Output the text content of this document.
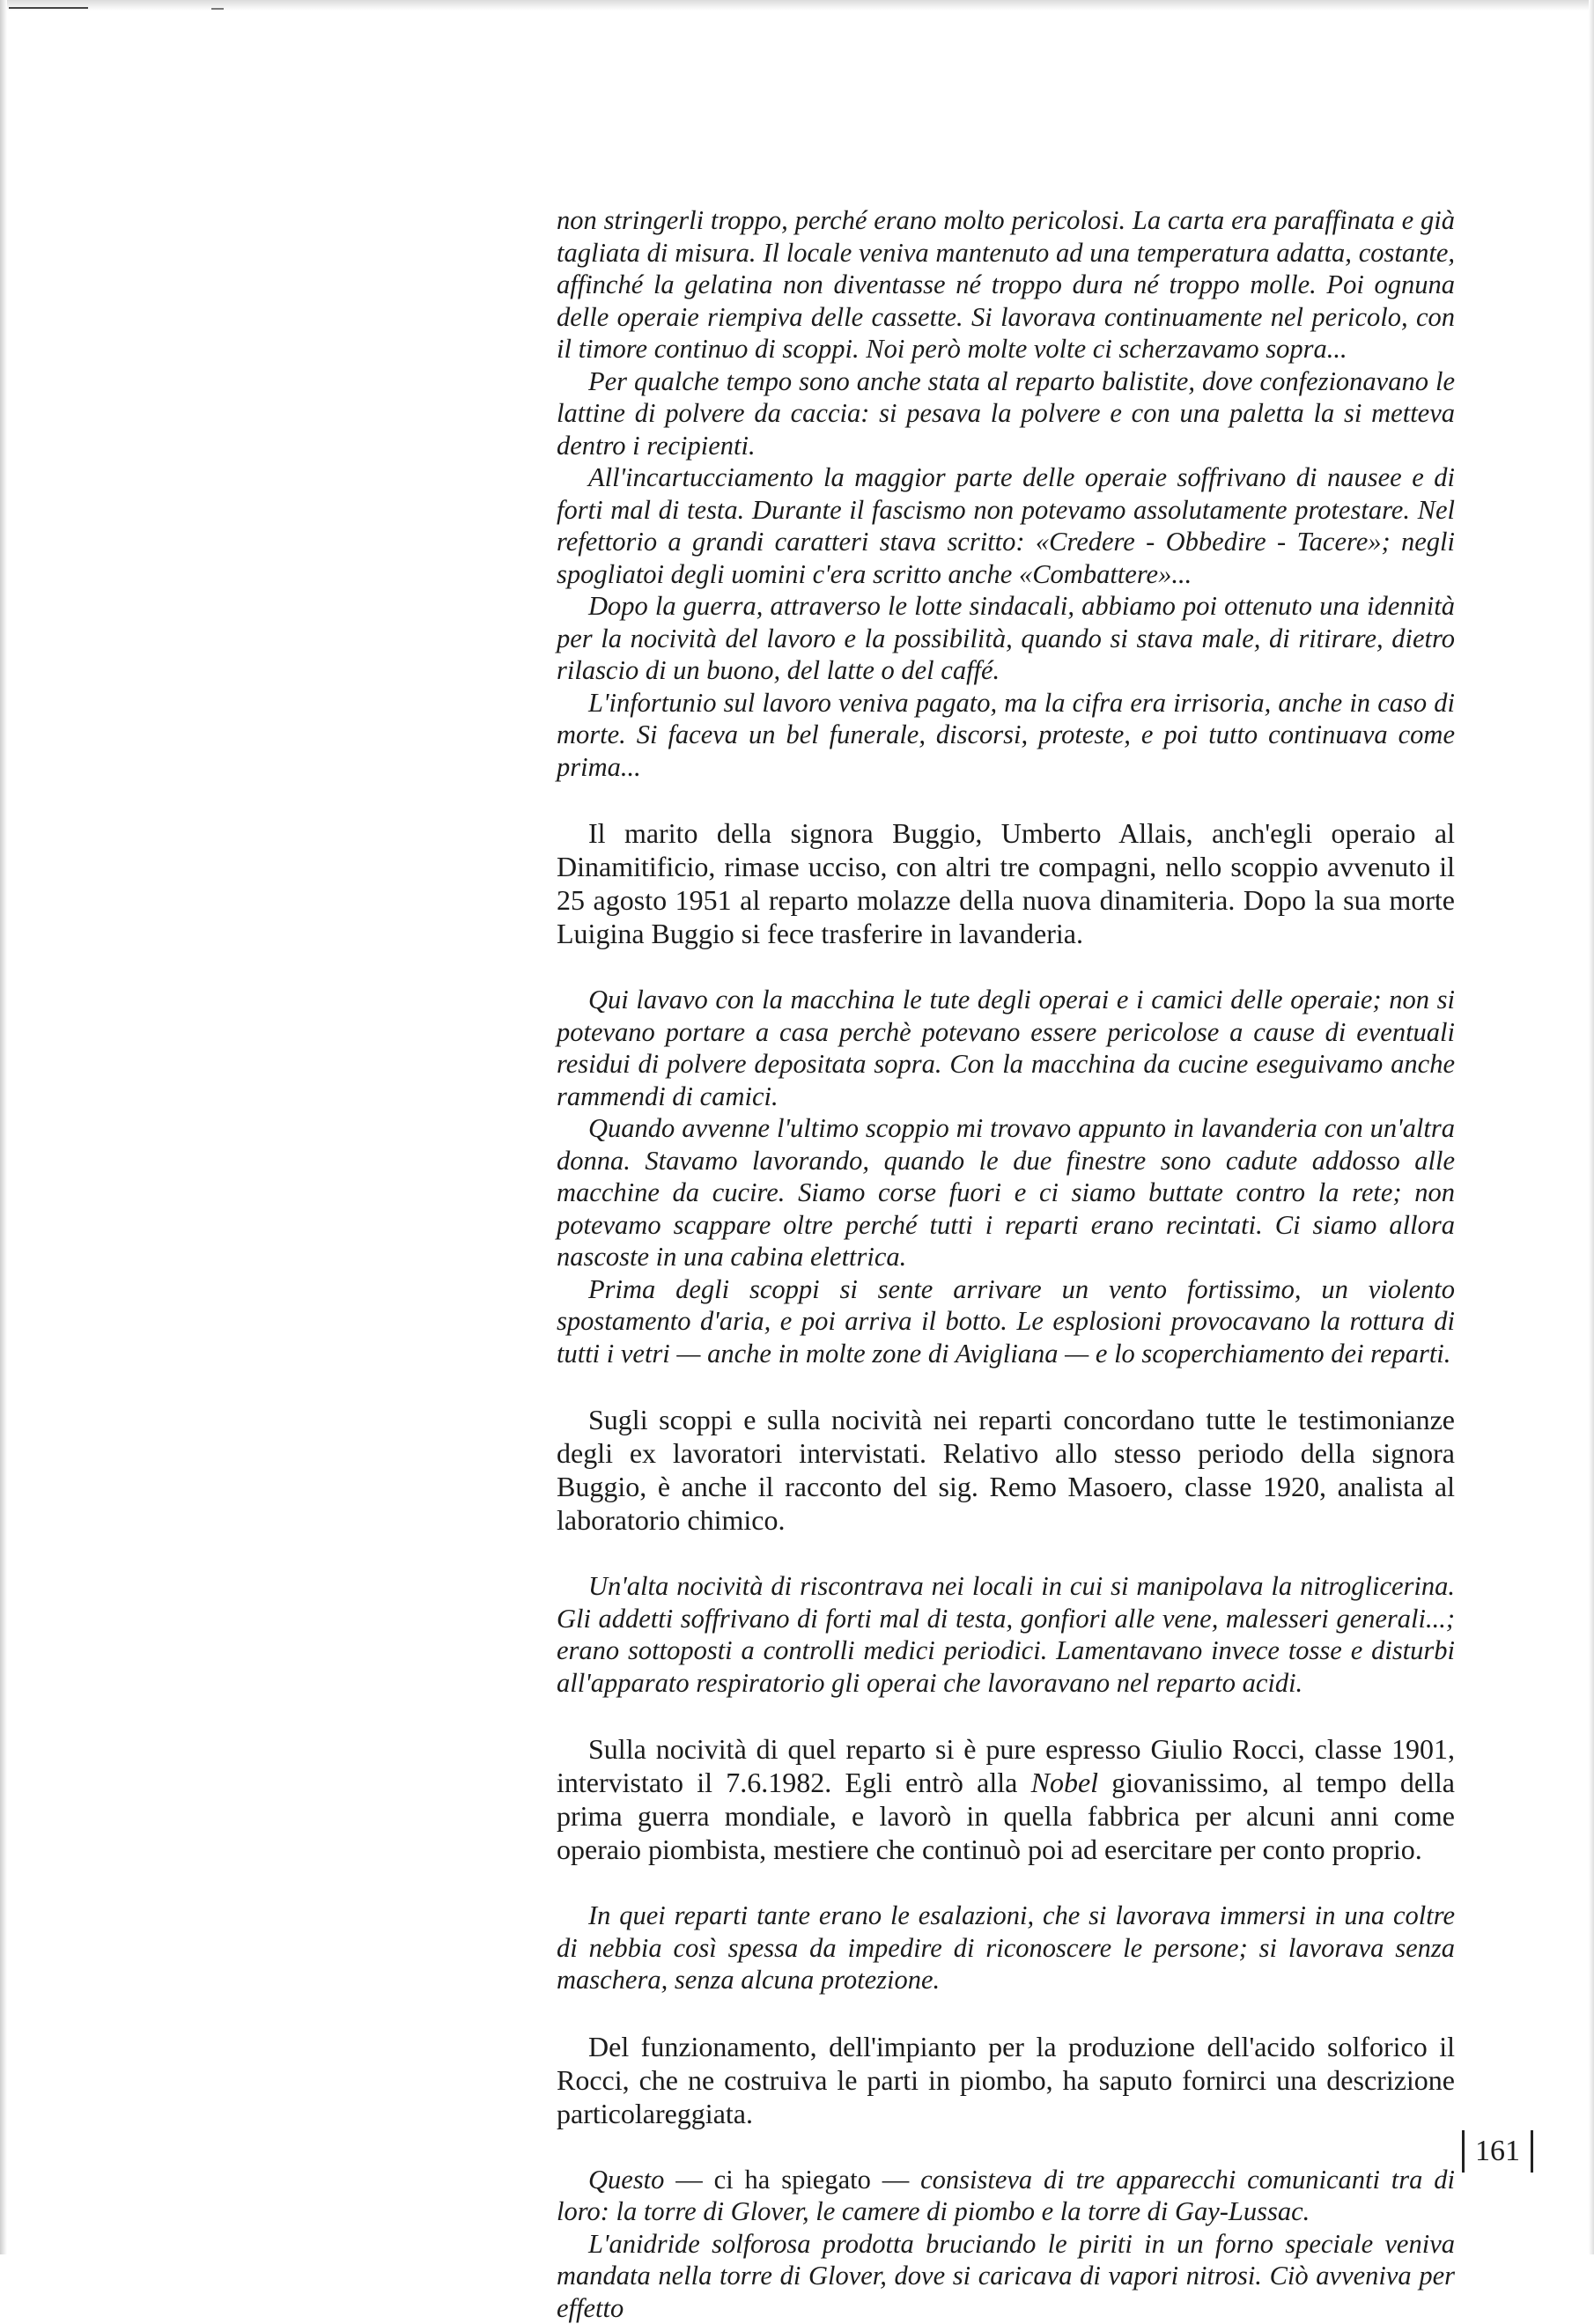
non stringerli troppo, perché erano molto pericolosi. La carta era paraffinata e già tagliata di misura. Il locale veniva mantenuto ad una temperatura adatta, costante, affinché la gelatina non diventasse né troppo dura né troppo molle. Poi ognuna delle operaie riempiva delle cassette. Si lavorava continuamente nel pericolo, con il timore continuo di scoppi. Noi però molte volte ci scherzavamo sopra...

Per qualche tempo sono anche stata al reparto balistite, dove confezionavano le lattine di polvere da caccia: si pesava la polvere e con una paletta la si metteva dentro i recipienti.

All'incartucciamento la maggior parte delle operaie soffrivano di nausee e di forti mal di testa. Durante il fascismo non potevamo assolutamente protestare. Nel refettorio a grandi caratteri stava scritto: «Credere - Obbedire - Tacere»; negli spogliatoi degli uomini c'era scritto anche «Combattere»...

Dopo la guerra, attraverso le lotte sindacali, abbiamo poi ottenuto una idennità per la nocività del lavoro e la possibilità, quando si stava male, di ritirare, dietro rilascio di un buono, del latte o del caffé.

L'infortunio sul lavoro veniva pagato, ma la cifra era irrisoria, anche in caso di morte. Si faceva un bel funerale, discorsi, proteste, e poi tutto continuava come prima...

Il marito della signora Buggio, Umberto Allais, anch'egli operaio al Dinamitificio, rimase ucciso, con altri tre compagni, nello scoppio avvenuto il 25 agosto 1951 al reparto molazze della nuova dinamiteria. Dopo la sua morte Luigina Buggio si fece trasferire in lavanderia.

Qui lavavo con la macchina le tute degli operai e i camici delle operaie; non si potevano portare a casa perchè potevano essere pericolose a cause di eventuali residui di polvere depositata sopra. Con la macchina da cucine eseguivamo anche rammendi di camici.

Quando avvenne l'ultimo scoppio mi trovavo appunto in lavanderia con un'altra donna. Stavamo lavorando, quando le due finestre sono cadute addosso alle macchine da cucire. Siamo corse fuori e ci siamo buttate contro la rete; non potevamo scappare oltre perché tutti i reparti erano recintati. Ci siamo allora nascoste in una cabina elettrica.

Prima degli scoppi si sente arrivare un vento fortissimo, un violento spostamento d'aria, e poi arriva il botto. Le esplosioni provocavano la rottura di tutti i vetri — anche in molte zone di Avigliana — e lo scoperchiamento dei reparti.

Sugli scoppi e sulla nocività nei reparti concordano tutte le testimonianze degli ex lavoratori intervistati. Relativo allo stesso periodo della signora Buggio, è anche il racconto del sig. Remo Masoero, classe 1920, analista al laboratorio chimico.

Un'alta nocività di riscontrava nei locali in cui si manipolava la nitroglicerina. Gli addetti soffrivano di forti mal di testa, gonfiori alle vene, malesseri generali...; erano sottoposti a controlli medici periodici. Lamentavano invece tosse e disturbi all'apparato respiratorio gli operai che lavoravano nel reparto acidi.

Sulla nocività di quel reparto si è pure espresso Giulio Rocci, classe 1901, intervistato il 7.6.1982. Egli entrò alla Nobel giovanissimo, al tempo della prima guerra mondiale, e lavorò in quella fabbrica per alcuni anni come operaio piombista, mestiere che continuò poi ad esercitare per conto proprio.

In quei reparti tante erano le esalazioni, che si lavorava immersi in una coltre di nebbia così spessa da impedire di riconoscere le persone; si lavorava senza maschera, senza alcuna protezione.

Del funzionamento, dell'impianto per la produzione dell'acido solforico il Rocci, che ne costruiva le parti in piombo, ha saputo fornirci una descrizione particolareggiata.

Questo — ci ha spiegato — consisteva di tre apparecchi comunicanti tra di loro: la torre di Glover, le camere di piombo e la torre di Gay-Lussac.

L'anidride solforosa prodotta bruciando le piriti in un forno speciale veniva mandata nella torre di Glover, dove si caricava di vapori nitrosi. Ciò avveniva per effetto

161
